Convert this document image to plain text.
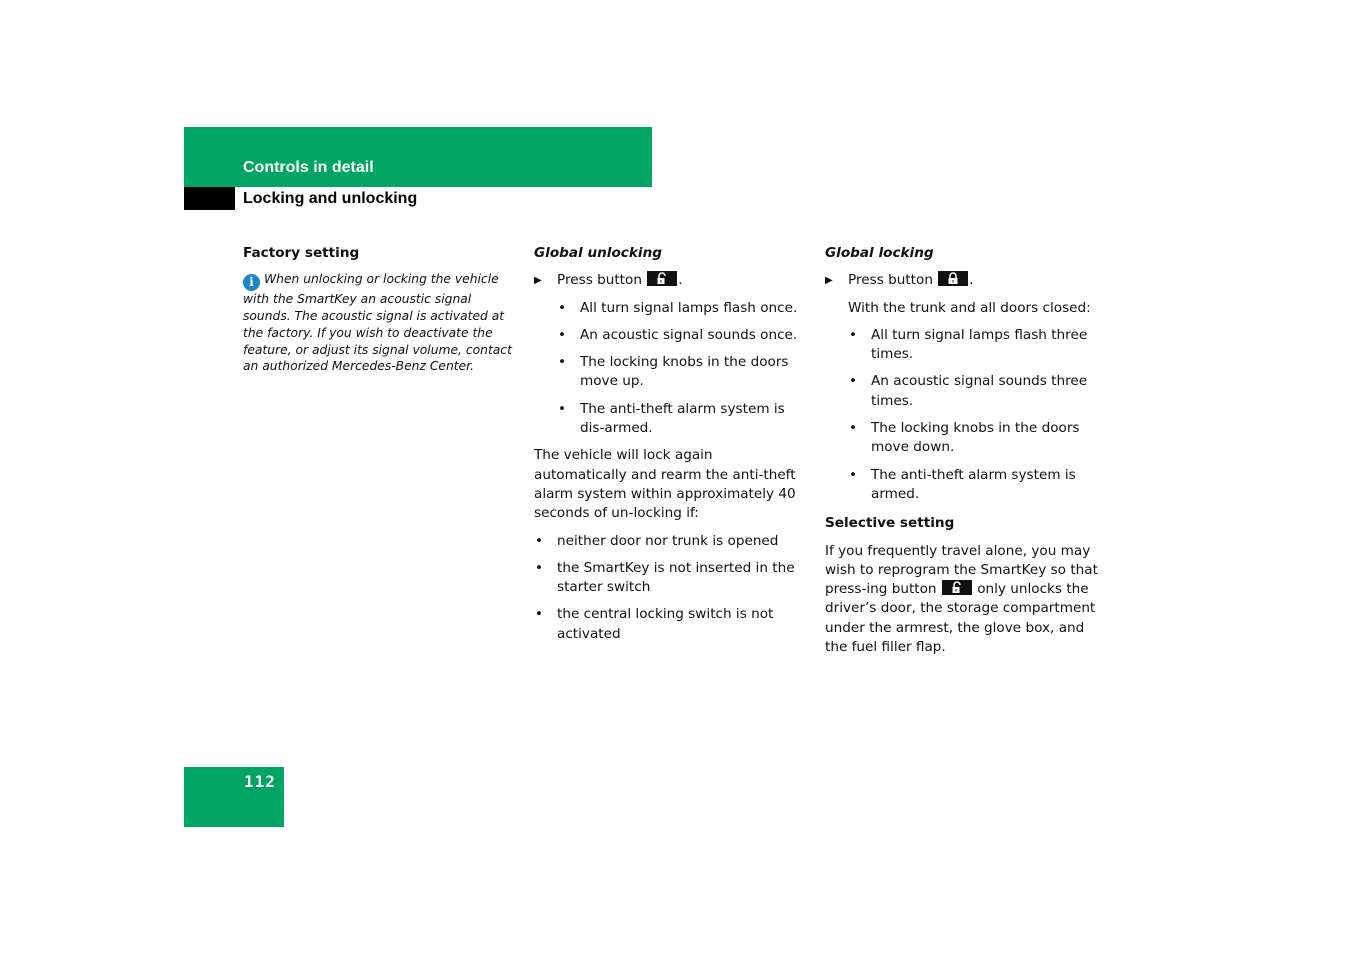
Controls in detail
Locking and unlocking
Factory setting

i When unlocking or locking the vehicle with the SmartKey an acoustic signal sounds. The acoustic signal is activated at the factory. If you wish to deactivate the feature, or adjust its signal volume, contact an authorized Mercedes-Benz Center.

Global unlocking
▶ Press button	.
• All turn signal lamps flash once.
• An acoustic signal sounds once.
• The locking knobs in the doors move up.
• The anti-theft alarm system is dis-armed.

The vehicle will lock again automatically and rearm the anti-theft alarm system within approximately 40 seconds of un-locking if:

• neither door nor trunk is opened
• the SmartKey is not inserted in the starter switch
• the central locking switch is not activated
Global locking
▶ Press button	.

With the trunk and all doors closed:

• All turn signal lamps flash three times.
• An acoustic signal sounds three times.
• The locking knobs in the doors move down.
• The anti-theft alarm system is armed.
Selective setting

If you frequently travel alone, you may wish to reprogram the SmartKey so that press-ing button	only unlocks the driver’s door, the storage compartment under the armrest, the glove box, and the fuel filler flap.

112
